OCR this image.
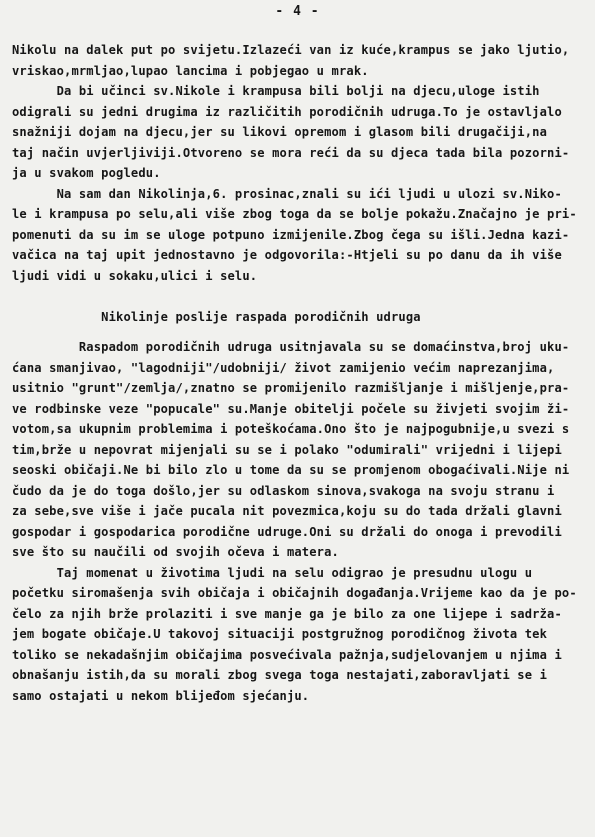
- 4 -
Nikolu na dalek put po svijetu.Izlazeći van iz kuće,krampus se jako ljutio,
vriskao,mrmljao,lupao lancima i pobjegao u mrak.
Da bi učinci sv.Nikole i krampusa bili bolji na djecu,uloge istih
odigrali su jedni drugima iz različitih porodičnih udruga.To je ostavljalo
snažniji dojam na djecu,jer su likovi opremom i glasom bili drugačiji,na
taj način uvjerljiviji.Otvoreno se mora reći da su djeca tada bila pozorni-
ja u svakom pogledu.
Na sam dan Nikolinja,6. prosinac,znali su ići ljudi u ulozi sv.Niko-
le i krampusa po selu,ali više zbog toga da se bolje pokažu.Značajno je pri-
pomenuti da su im se uloge potpuno izmijenile.Zbog čega su išli.Jedna kazi-
vačica na taj upit jednostavno je odgovorila:-Htjeli su po danu da ih više
ljudi vidi u sokaku,ulici i selu.
Nikolinje poslije raspada porodičnih udruga
Raspadom porodičnih udruga usitnjavala su se domaćinstva,broj uku-
ćana smanjivao, "lagodniji"/udobniji/ život zamijenio većim naprezanjima,
usitnio "grunt"/zemlja/,znatno se promijenilo razmišljanje i mišljenje,pra-
ve rodbinske veze "popucale" su.Manje obitelji počele su živjeti svojim ži-
votom,sa ukupnim problemima i poteškoćama.Ono što je najpogubnije,u svezi s
tim,brže u nepovrat mijenjali su se i polako "odumirali" vrijedni i lijepi
seoski običaji.Ne bi bilo zlo u tome da su se promjenom obogaćivali.Nije ni
čudo da je do toga došlo,jer su odlaskom sinova,svakoga na svoju stranu i
za sebe,sve više i jače pucala nit povezmica,koju su do tada držali glavni
gospodar i gospodarica porodične udruge.Oni su držali do onoga i prevodili
sve što su naučili od svojih očeva i matera.
Taj momenat u životima ljudi na selu odigrao je presudnu ulogu u
početku siromašenja svih običaja i običajnih događanja.Vrijeme kao da je po-
čelo za njih brže prolaziti i sve manje ga je bilo za one lijepe i sadrža-
jem bogate običaje.U takovoj situaciji postgružnog porodičnog života tek
toliko se nekadašnjim običajima posvećivala pažnja,sudjelovanjem u njima i
obnašanju istih,da su morali zbog svega toga nestajati,zaboravljati se i
samo ostajati u nekom blijeđom sjećanju.
